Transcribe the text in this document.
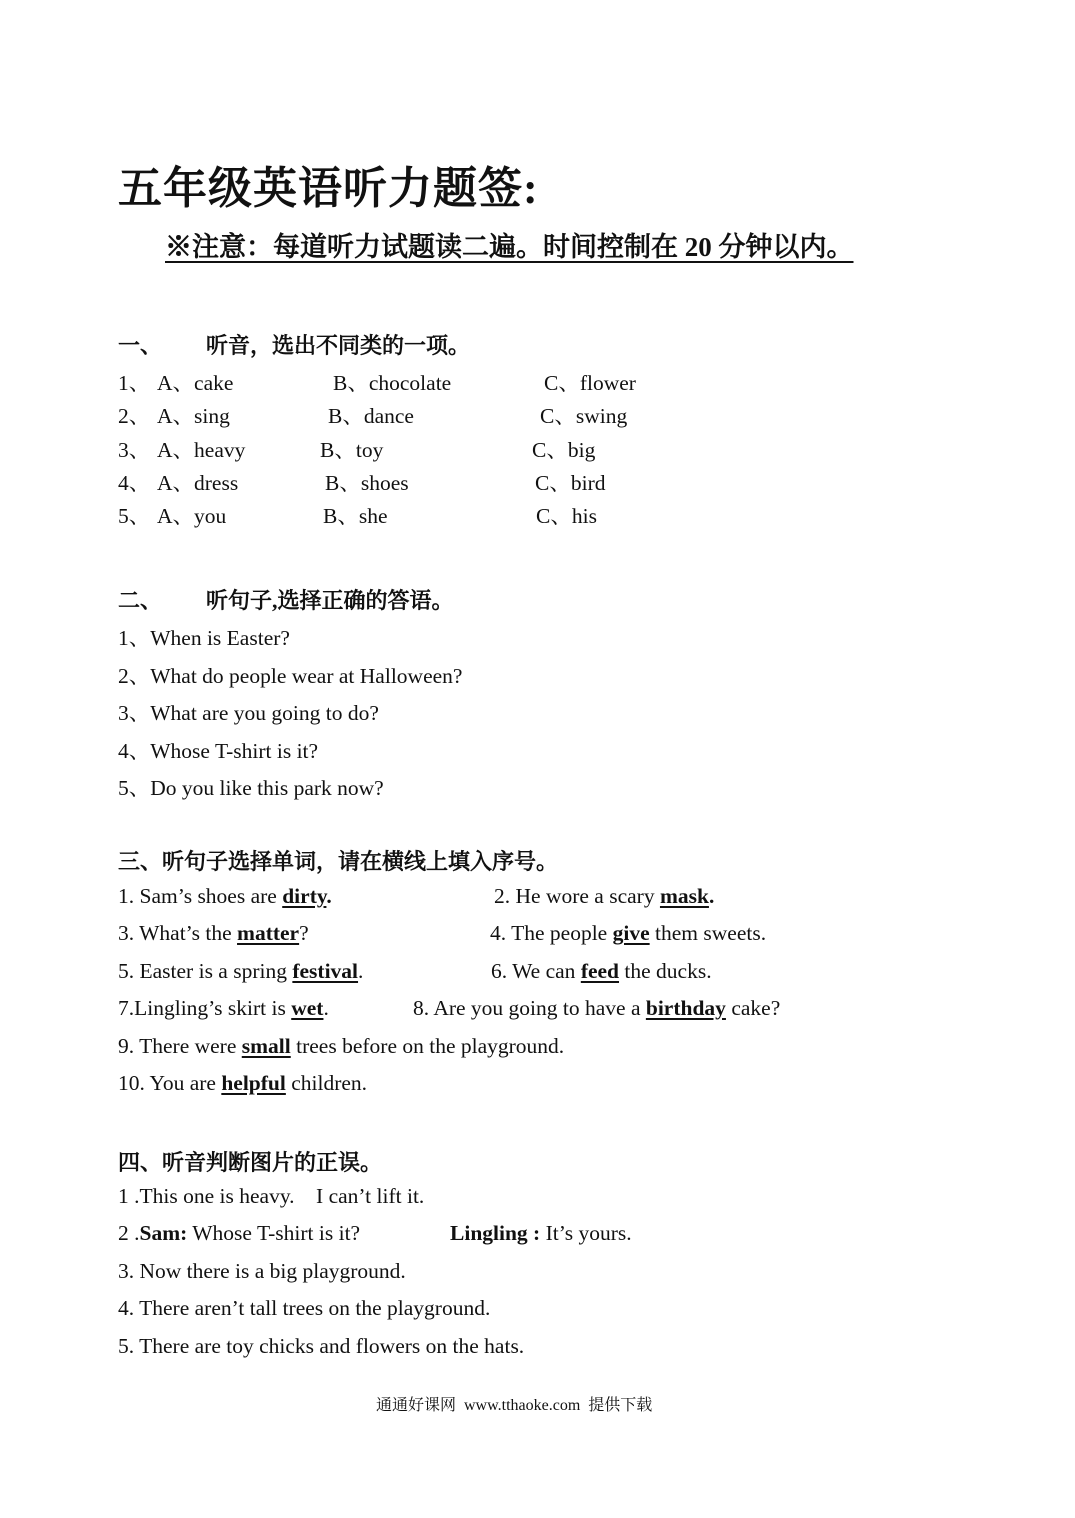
五年级英语听力题签:
※注意：每道听力试题读二遍。时间控制在 20 分钟以内。
一、 听音，选出不同类的一项。
1、 A、cake	B、chocolate	C、flower
2、 A、sing	B、dance	C、swing
3、 A、heavy	B、toy	C、big
4、 A、dress	B、shoes	C、bird
5、 A、you	B、she	C、his
二、 听句子,选择正确的答语。
1、When is Easter?
2、What do people wear at Halloween?
3、What are you going to do?
4、Whose T-shirt is it?
5、Do you like this park now?
三、听句子选择单词，请在横线上填入序号。
1. Sam’s shoes are dirty.	2. He wore a scary mask.
3. What’s the matter?	4. The people give them sweets.
5. Easter is a spring festival.	6. We can feed the ducks.
7.Lingling’s skirt is wet.	8. Are you going to have a birthday cake?
9. There were small trees before on the playground.
10. You are helpful children.
四、听音判断图片的正误。
1 .This one is heavy.    I can’t lift it.
2 .Sam: Whose T-shirt is it?	Lingling : It’s yours.
3. Now there is a big playground.
4. There aren’t tall trees on the playground.
5. There are toy chicks and flowers on the hats.
通通好课网  www.tthaoke.com  提供下载
